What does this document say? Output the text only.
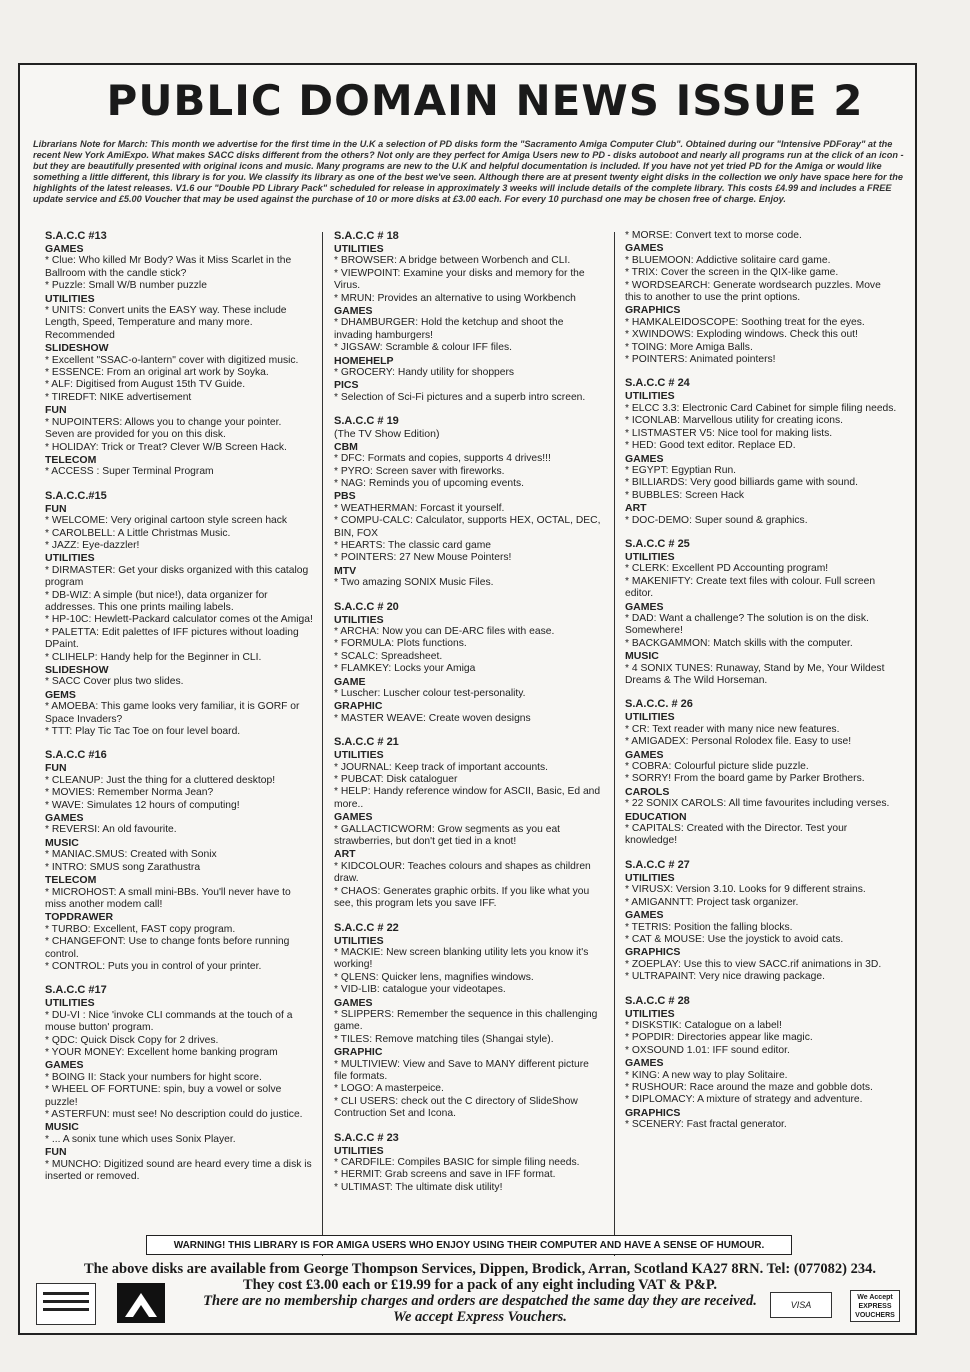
PUBLIC DOMAIN NEWS ISSUE 2
Librarians Note for March: This month we advertise for the first time in the U.K a selection of PD disks form the "Sacramento Amiga Computer Club". Obtained during our "Intensive PDForay" at the recent New York AmiExpo. What makes SACC disks different from the others? Not only are they perfect for Amiga Users new to PD - disks autoboot and nearly all programs run at the click of an icon - but they are beautifully presented with original icons and music. Many programs are new to the U.K and helpful documentation is included. If you have not yet tried PD for the Amiga or would like something a little different, this library is for you. We classify its library as one of the best we've seen. Although there are at present twenty eight disks in the collection we only have space here for the highlights of the latest releases. V1.6 our "Double PD Library Pack" scheduled for release in approximately 3 weeks will include details of the complete library. This costs £4.99 and includes a FREE update service and £5.00 Voucher that may be used against the purchase of 10 or more disks at £3.00 each. For every 10 purchasd one may be chosen free of charge. Enjoy.
S.A.C.C #13
GAMES
* Clue: Who killed Mr Body? Was it Miss Scarlet in the Ballroom with the candle stick?
* Puzzle: Small W/B number puzzle
UTILITIES
* UNITS: Convert units the EASY way. These include Length, Speed, Temperature and many more. Recommended
SLIDESHOW
* Excellent "SSAC-o-lantern" cover with digitized music.
* ESSENCE: From an original art work by Soyka.
* ALF: Digitised from August 15th TV Guide.
* TIREDFT: NIKE advertisement
FUN
* NUPOINTERS: Allows you to change your pointer. Seven are provided for you on this disk.
* HOLIDAY: Trick or Treat? Clever W/B Screen Hack.
TELECOM
* ACCESS : Super Terminal Program
S.A.C.C.#15
FUN
* WELCOME: Very original cartoon style screen hack
* CAROLBELL: A Little Christmas Music.
* JAZZ: Eye-dazzler!
UTILITIES
* DIRMASTER: Get your disks organized with this catalog program
* DB-WIZ: A simple (but nice!), data organizer for addresses. This one prints mailing labels.
* HP-10C: Hewlett-Packard calculator comes ot the Amiga!
* PALETTA: Edit palettes of IFF pictures without loading DPaint.
* CLIHELP: Handy help for the Beginner in CLI.
SLIDESHOW
* SACC Cover plus two slides.
GEMS
* AMOEBA: This game looks very familiar, it is GORF or Space Invaders?
* TTT: Play Tic Tac Toe on four level board.
S.A.C.C #16
FUN
* CLEANUP: Just the thing for a cluttered desktop!
* MOVIES: Remember Norma Jean?
* WAVE: Simulates 12 hours of computing!
GAMES
* REVERSI: An old favourite.
MUSIC
* MANIAC.SMUS: Created with Sonix
* INTRO: SMUS song Zarathustra
TELECOM
* MICROHOST: A small mini-BBs. You'll never have to miss another modem call!
TOPDRAWER
* TURBO: Excellent, FAST copy program.
* CHANGEFONT: Use to change fonts before running control.
* CONTROL: Puts you in control of your printer.
S.A.C.C #17
UTILITIES
* DU-VI : Nice 'invoke CLI commands at the touch of a mouse button' program.
* QDC: Quick Disck Copy for 2 drives.
* YOUR MONEY: Excellent home banking program
GAMES
* BOING II: Stack your numbers for hight score.
* WHEEL OF FORTUNE: spin, buy a vowel or solve puzzle!
* ASTERFUN: must see! No description could do justice.
MUSIC
* ... A sonix tune which uses Sonix Player.
FUN
* MUNCHO: Digitized sound are heard every time a disk is inserted or removed.
S.A.C.C # 18
UTILITIES
* BROWSER: A bridge between Worbench and CLI.
* VIEWPOINT: Examine your disks and memory for the Virus.
* MRUN: Provides an alternative to using Workbench
GAMES
* DHAMBURGER: Hold the ketchup and shoot the invading hamburgers!
* JIGSAW: Scramble & colour IFF files.
HOMEHELP
* GROCERY: Handy utility for shoppers
PICS
* Selection of Sci-Fi pictures and a superb intro screen.
S.A.C.C # 19
(The TV Show Edition)
CBM
* DFC: Formats and copies, supports 4 drives!!!
* PYRO: Screen saver with fireworks.
* NAG: Reminds you of upcoming events.
PBS
* WEATHERMAN: Forcast it yourself.
* COMPU-CALC: Calculator, supports HEX, OCTAL, DEC, BIN, FOX
* HEARTS: The classic card game
* POINTERS: 27 New Mouse Pointers!
MTV
* Two amazing SONIX Music Files.
S.A.C.C # 20
UTILITIES
* ARCHA: Now you can DE-ARC files with ease.
* FORMULA: Plots functions.
* SCALC: Spreadsheet.
* FLAMKEY: Locks your Amiga
GAME
* Luscher: Luscher colour test-personality.
GRAPHIC
* MASTER WEAVE: Create woven designs
S.A.C.C # 21
UTILITIES
* JOURNAL: Keep track of important accounts.
* PUBCAT: Disk cataloguer
* HELP: Handy reference window for ASCII, Basic, Ed and more..
GAMES
* GALLACTICWORM: Grow segments as you eat strawberries, but don't get tied in a knot!
ART
* KIDCOLOUR: Teaches colours and shapes as children draw.
* CHAOS: Generates graphic orbits. If you like what you see, this program lets you save IFF.
S.A.C.C # 22
UTILITIES
* MACKIE: New screen blanking utility lets you know it's working!
* QLENS: Quicker lens, magnifies windows.
* VID-LIB: catalogue your videotapes.
GAMES
* SLIPPERS: Remember the sequence in this challenging game.
* TILES: Remove matching tiles (Shangai style).
GRAPHIC
* MULTIVIEW: View and Save to MANY different picture file formats.
* LOGO: A masterpeice.
* CLI USERS: check out the C directory of SlideShow Contruction Set and Icona.
S.A.C.C # 23
UTILITIES
* CARDFILE: Compiles BASIC for simple filing needs.
* HERMIT: Grab screens and save in IFF format.
* ULTIMAST: The ultimate disk utility!
* MORSE: Convert text to morse code.
GAMES
* BLUEMOON: Addictive solitaire card game.
* TRIX: Cover the screen in the QIX-like game.
* WORDSEARCH: Generate wordsearch puzzles. Move this to another to use the print options.
GRAPHICS
* HAMKALEIDOSCOPE: Soothing treat for the eyes.
* XWINDOWS: Exploding windows. Check this out!
* TOING: More Amiga Balls.
* POINTERS: Animated pointers!
S.A.C.C # 24
UTILITIES
* ELCC 3.3: Electronic Card Cabinet for simple filing needs.
* ICONLAB: Marvellous utility for creating icons.
* LISTMASTER V5: Nice tool for making lists.
* HED: Good text editor. Replace ED.
GAMES
* EGYPT: Egyptian Run.
* BILLIARDS: Very good billiards game with sound.
* BUBBLES: Screen Hack
ART
* DOC-DEMO: Super sound & graphics.
S.A.C.C # 25
UTILITIES
* CLERK: Excellent PD Accounting program!
* MAKENIFTY: Create text files with colour. Full screen editor.
GAMES
* DAD: Want a challenge? The solution is on the disk. Somewhere!
* BACKGAMMON: Match skills with the computer.
MUSIC
* 4 SONIX TUNES: Runaway, Stand by Me, Your Wildest Dreams & The Wild Horseman.
S.A.C.C. # 26
UTILITIES
* CR: Text reader with many nice new features.
* AMIGADEX: Personal Rolodex file. Easy to use!
GAMES
* COBRA: Colourful picture slide puzzle.
* SORRY! From the board game by Parker Brothers.
CAROLS
* 22 SONIX CAROLS: All time favourites including verses.
EDUCATION
* CAPITALS: Created with the Director. Test your knowledge!
S.A.C.C # 27
UTILITIES
* VIRUSX: Version 3.10. Looks for 9 different strains.
* AMIGANNTT: Project task organizer.
GAMES
* TETRIS: Position the falling blocks.
* CAT & MOUSE: Use the joystick to avoid cats.
GRAPHICS
* ZOEPLAY: Use this to view SACC.rif animations in 3D.
* ULTRAPAINT: Very nice drawing package.
S.A.C.C # 28
UTILITIES
* DISKSTIK: Catalogue on a label!
* POPDIR: Directories appear like magic.
* OXSOUND 1.01: IFF sound editor.
GAMES
* KING: A new way to play Solitaire.
* RUSHOUR: Race around the maze and gobble dots.
* DIPLOMACY: A mixture of strategy and adventure.
GRAPHICS
* SCENERY: Fast fractal generator.
WARNING! THIS LIBRARY IS FOR AMIGA USERS WHO ENJOY USING THEIR COMPUTER AND HAVE A SENSE OF HUMOUR.
The above disks are available from George Thompson Services, Dippen, Brodick, Arran, Scotland KA27 8RN. Tel: (077082) 234.
They cost £3.00 each or £19.99 for a pack of any eight including VAT & P&P.
There are no membership charges and orders are despatched the same day they are received.
We accept Express Vouchers.
VISA
We Accept EXPRESS VOUCHERS
